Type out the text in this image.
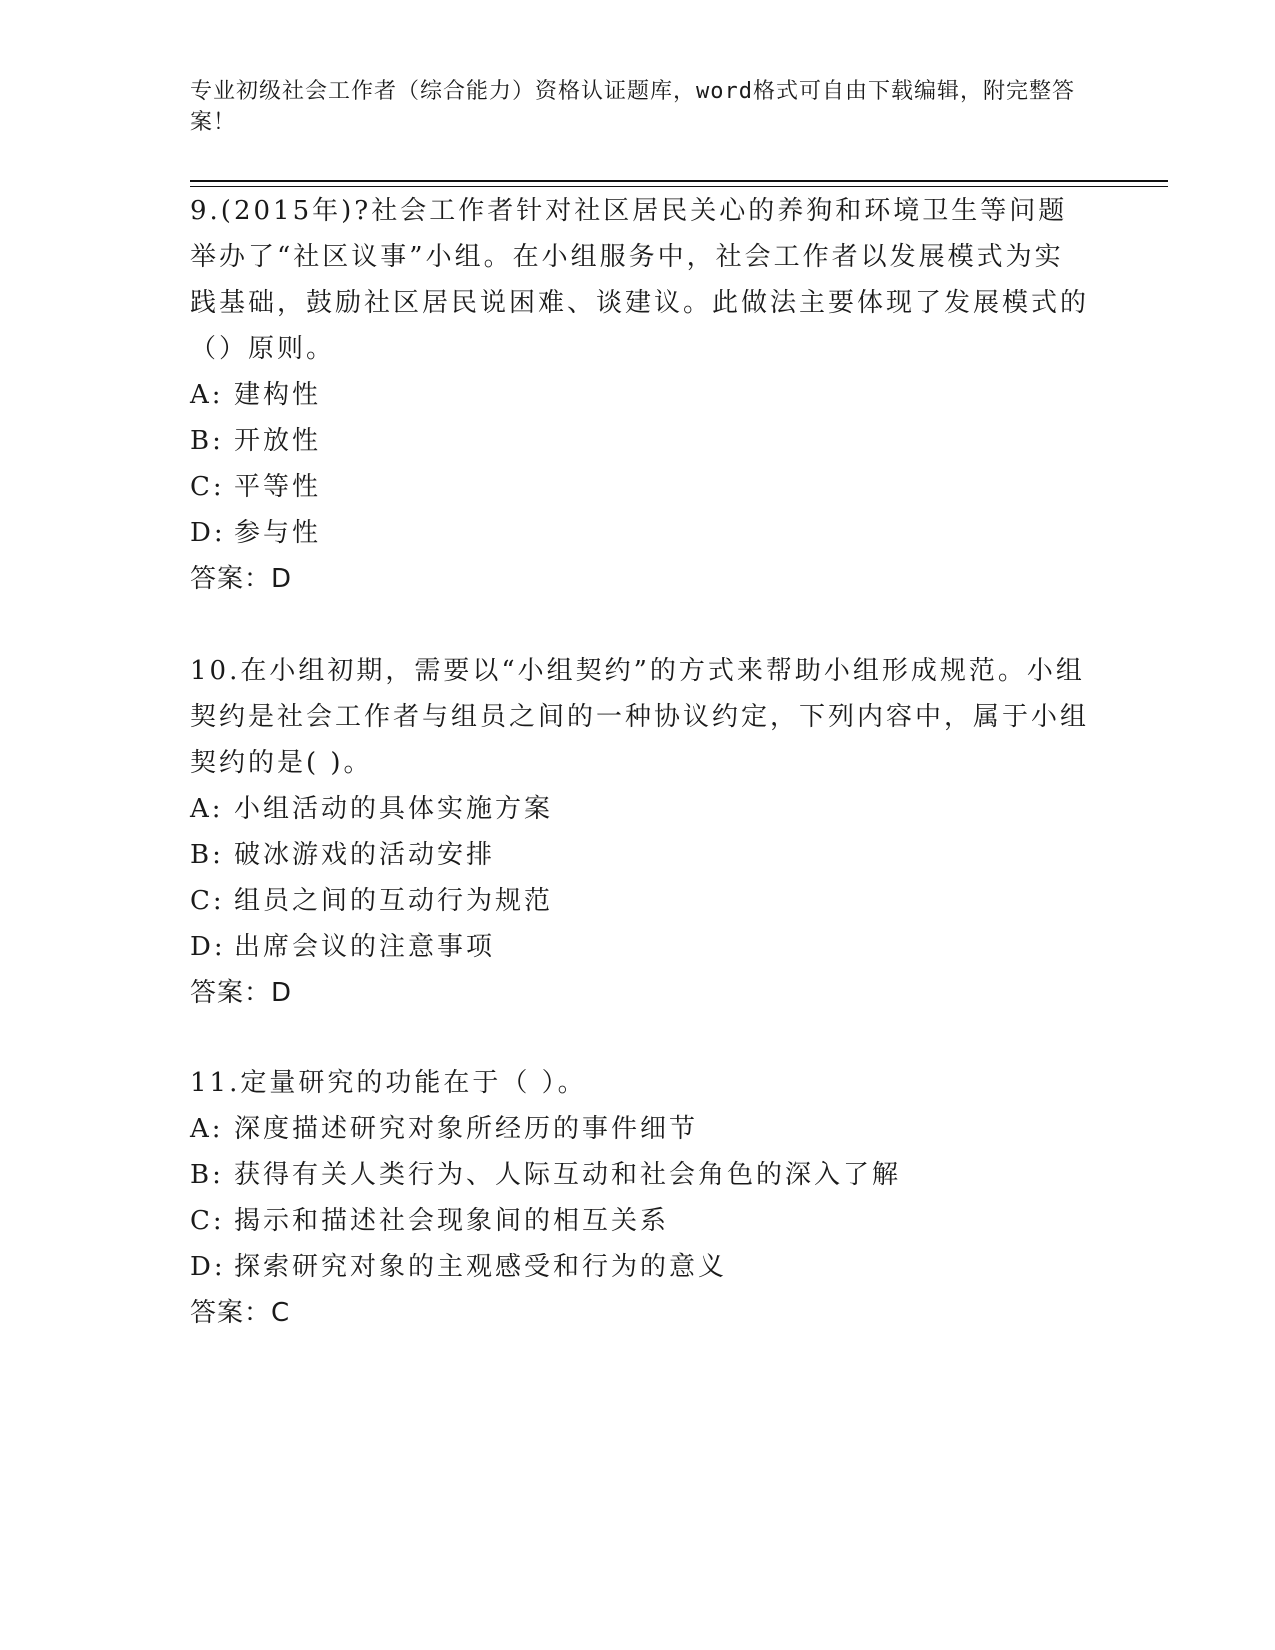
专业初级社会工作者（综合能力）资格认证题库，word格式可自由下载编辑，附完整答案！
9.(2015年)?社会工作者针对社区居民关心的养狗和环境卫生等问题举办了“社区议事”小组。在小组服务中，社会工作者以发展模式为实践基础，鼓励社区居民说困难、谈建议。此做法主要体现了发展模式的（）原则。
A: 建构性
B: 开放性
C: 平等性
D: 参与性
答案：D
10.在小组初期，需要以“小组契约”的方式来帮助小组形成规范。小组契约是社会工作者与组员之间的一种协议约定，下列内容中，属于小组契约的是( )。
A: 小组活动的具体实施方案
B: 破冰游戏的活动安排
C: 组员之间的互动行为规范
D: 出席会议的注意事项
答案：D
11.定量研究的功能在于（ ）。
A: 深度描述研究对象所经历的事件细节
B: 获得有关人类行为、人际互动和社会角色的深入了解
C: 揭示和描述社会现象间的相互关系
D: 探索研究对象的主观感受和行为的意义
答案：C
